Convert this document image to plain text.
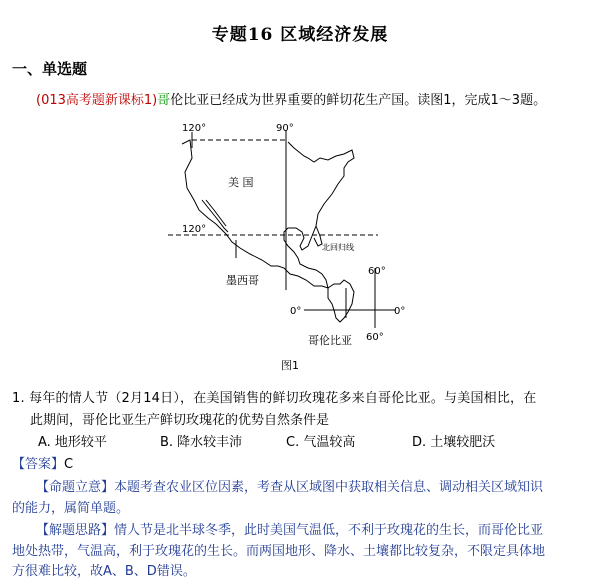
专题16 区域经济发展
一、单选题
(013高考题新课标1)哥伦比亚已经成为世界重要的鲜切花生产国。读图1，完成1～3题。
120°	90°
120°
北回归线
60°
0°	0°
60°
美 国
墨西哥
哥伦比亚
图1
1. 每年的情人节（2月14日），在美国销售的鲜切玫瑰花多来自哥伦比亚。与美国相比，在
此期间，哥伦比亚生产鲜切玫瑰花的优势自然条件是
A. 地形较平	B. 降水较丰沛	C. 气温较高	D. 土壤较肥沃
【答案】C
【命题立意】本题考查农业区位因素，考查从区域图中获取相关信息、调动相关区域知识
的能力，属简单题。
【解题思路】情人节是北半球冬季，此时美国气温低，不利于玫瑰花的生长，而哥伦比亚
地处热带，气温高，利于玫瑰花的生长。而两国地形、降水、土壤都比较复杂，不限定具体地
方很难比较，故A、B、D错误。
